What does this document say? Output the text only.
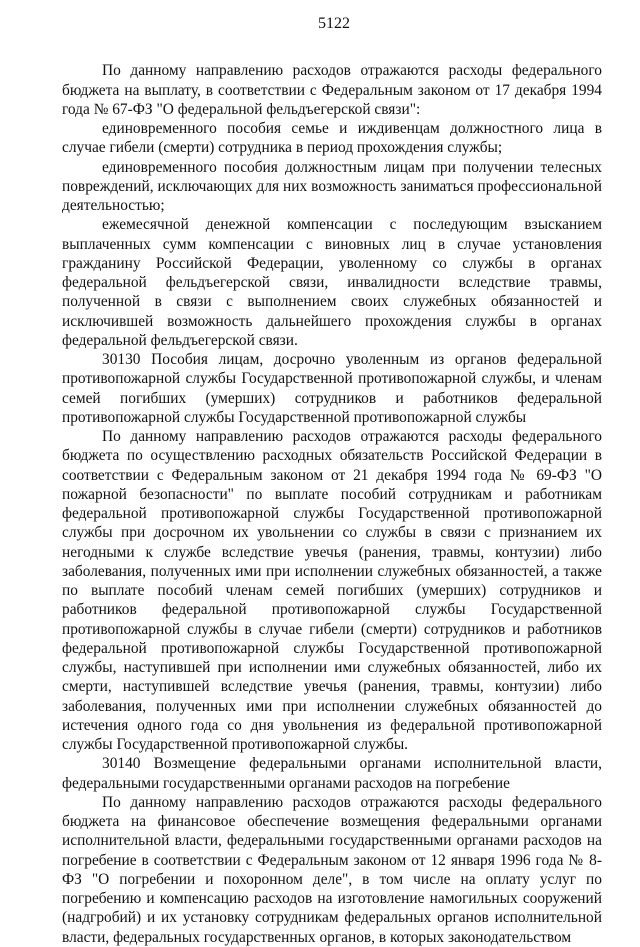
5122

По данному направлению расходов отражаются расходы федерального бюджета на выплату, в соответствии с Федеральным законом от 17 декабря 1994 года № 67-ФЗ "О федеральной фельдъегерской связи":

единовременного пособия семье и иждивенцам должностного лица в случае гибели (смерти) сотрудника в период прохождения службы;

единовременного пособия должностным лицам при получении телесных повреждений, исключающих для них возможность заниматься профессиональной деятельностью;

ежемесячной денежной компенсации с последующим взысканием выплаченных сумм компенсации с виновных лиц в случае установления гражданину Российской Федерации, уволенному со службы в органах федеральной фельдъегерской связи, инвалидности вследствие травмы, полученной в связи с выполнением своих служебных обязанностей и исключившей возможность дальнейшего прохождения службы в органах федеральной фельдъегерской связи.

30130 Пособия лицам, досрочно уволенным из органов федеральной противопожарной службы Государственной противопожарной службы, и членам семей погибших (умерших) сотрудников и работников федеральной противопожарной службы Государственной противопожарной службы

По данному направлению расходов отражаются расходы федерального бюджета по осуществлению расходных обязательств Российской Федерации в соответствии с Федеральным законом от 21 декабря 1994 года № 69-ФЗ "О пожарной безопасности" по выплате пособий сотрудникам и работникам федеральной противопожарной службы Государственной противопожарной службы при досрочном их увольнении со службы в связи с признанием их негодными к службе вследствие увечья (ранения, травмы, контузии) либо заболевания, полученных ими при исполнении служебных обязанностей, а также по выплате пособий членам семей погибших (умерших) сотрудников и работников федеральной противопожарной службы Государственной противопожарной службы в случае гибели (смерти) сотрудников и работников федеральной противопожарной службы Государственной противопожарной службы, наступившей при исполнении ими служебных обязанностей, либо их смерти, наступившей вследствие увечья (ранения, травмы, контузии) либо заболевания, полученных ими при исполнении служебных обязанностей до истечения одного года со дня увольнения из федеральной противопожарной службы Государственной противопожарной службы.

30140 Возмещение федеральными органами исполнительной власти, федеральными государственными органами расходов на погребение

По данному направлению расходов отражаются расходы федерального бюджета на финансовое обеспечение возмещения федеральными органами исполнительной власти, федеральными государственными органами расходов на погребение в соответствии с Федеральным законом от 12 января 1996 года № 8-ФЗ "О погребении и похоронном деле", в том числе на оплату услуг по погребению и компенсацию расходов на изготовление намогильных сооружений (надгробий) и их установку сотрудникам федеральных органов исполнительной власти, федеральных государственных органов, в которых законодательством
